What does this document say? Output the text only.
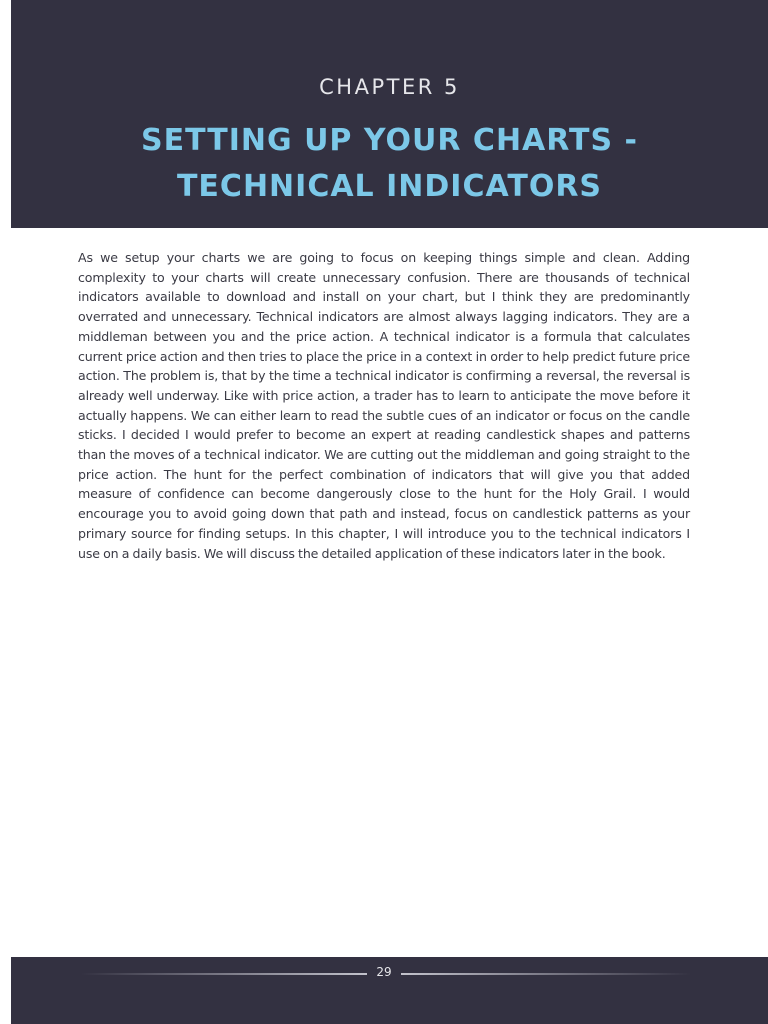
CHAPTER 5
SETTING UP YOUR CHARTS -
TECHNICAL INDICATORS

As we setup your charts we are going to focus on keeping things simple and clean. Adding complexity to your charts will create unnecessary confusion. There are thousands of technical indicators available to download and install on your chart, but I think they are predominantly overrated and unnecessary. Technical indicators are almost always lagging indicators. They are a middleman between you and the price action. A technical indicator is a formula that calculates current price action and then tries to place the price in a context in order to help predict future price action. The problem is, that by the time a technical indicator is confirming a reversal, the reversal is already well underway. Like with price action, a trader has to learn to anticipate the move before it actually happens. We can either learn to read the subtle cues of an indicator or focus on the candle sticks. I decided I would prefer to become an expert at reading candlestick shapes and patterns than the moves of a technical indicator. We are cutting out the middleman and going straight to the price action. The hunt for the perfect combination of indicators that will give you that added measure of confidence can become dangerously close to the hunt for the Holy Grail. I would encourage you to avoid going down that path and instead, focus on candlestick patterns as your primary source for finding setups. In this chapter, I will introduce you to the technical indicators I use on a daily basis. We will discuss the detailed application of these indicators later in the book.

29
